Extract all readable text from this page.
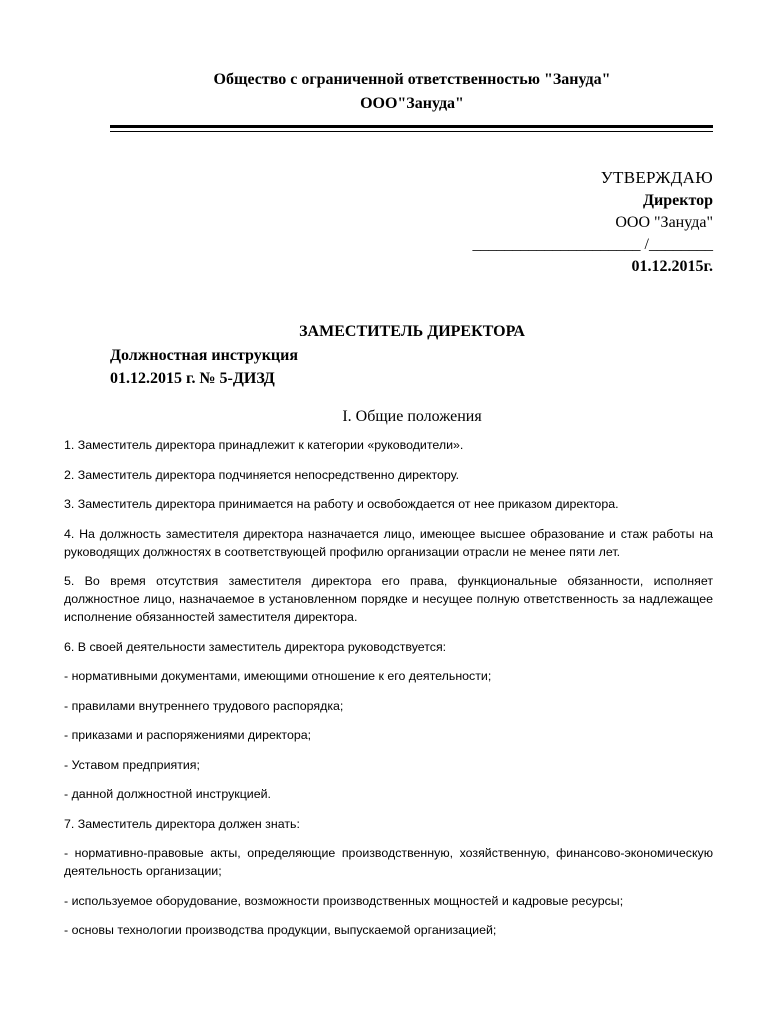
Общество с ограниченной ответственностью "Зануда"
ООО"Зануда"
УТВЕРЖДАЮ
Директор
ООО "Зануда"
_____________________ /________
01.12.2015г.
ЗАМЕСТИТЕЛЬ ДИРЕКТОРА
Должностная инструкция
01.12.2015 г. № 5-ДИЗД
I. Общие положения

1. Заместитель директора принадлежит к категории «руководители».

2. Заместитель директора подчиняется непосредственно директору.

3. Заместитель директора принимается на работу и освобождается от нее приказом директора.

4. На должность заместителя директора назначается лицо, имеющее высшее образование и стаж работы на руководящих должностях в соответствующей профилю организации отрасли не менее пяти лет.

5. Во время отсутствия заместителя директора его права, функциональные обязанности, исполняет должностное лицо, назначаемое в установленном порядке и несущее полную ответственность за надлежащее исполнение обязанностей заместителя директора.

6. В своей деятельности заместитель директора руководствуется:

- нормативными документами, имеющими отношение к его деятельности;

- правилами внутреннего трудового распорядка;

- приказами и распоряжениями директора;

- Уставом предприятия;

- данной должностной инструкцией.

7. Заместитель директора должен знать:

- нормативно-правовые акты, определяющие производственную, хозяйственную, финансово-экономическую деятельность организации;

- используемое оборудование, возможности производственных мощностей и кадровые ресурсы;

- основы технологии производства продукции, выпускаемой организацией;
